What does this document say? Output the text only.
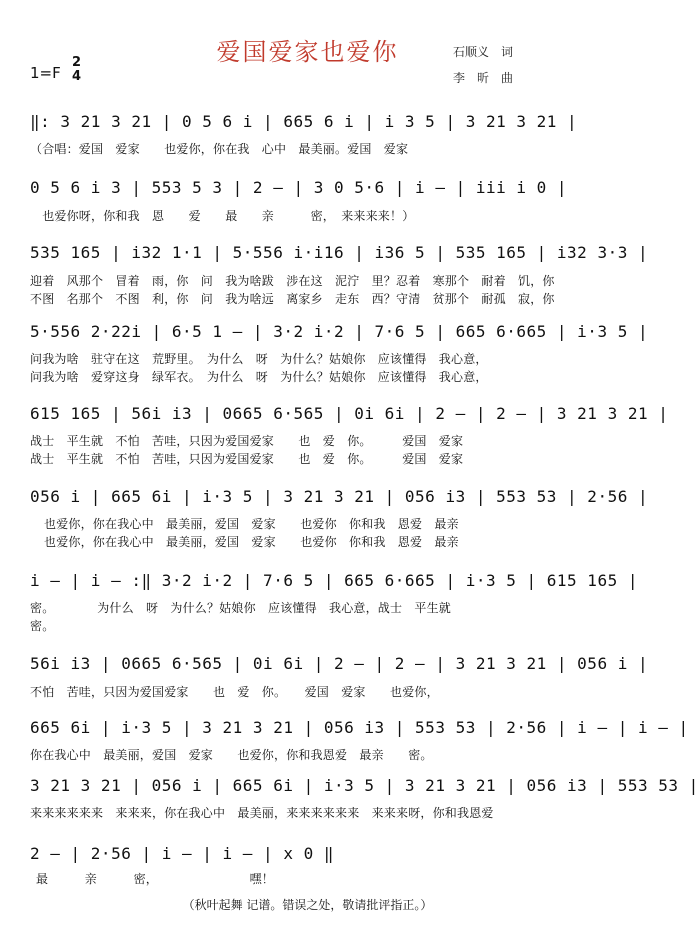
爱国爱家也爱你	石顺义　词
李　昕　曲
1=F
2
4
‖: 3 21 3 21 | 0 5 6 i | 665 6 i | i 3 5 | 3 21 3 21 |
（合唱：爱国　爱家　　也爱你，你在我　心中　最美丽。爱国　爱家
0 5 6 i 3 | 553 5 3 | 2 – | 3 0 5·6 | i – | iii i 0 |
　也爱你呀，你和我　恩　　爱　　最　　亲　　　密，　来来来来！）
535 165 | i32 1·1 | 5·556 i·i16 | i36 5 | 535 165 | i32 3·3 |
迎着　风那个　冒着　雨，你　问　我为啥跋　涉在这　泥泞　里？忍着　寒那个　耐着　饥，你
不图　名那个　不图　利，你　问　我为啥远　离家乡　走东　西？守清　贫那个　耐孤　寂，你
5·556 2·22i | 6·5 1 – | 3·2 i·2 | 7·6 5 | 665 6·665 | i·3 5 |
问我为啥　驻守在这　荒野里。　为什么　呀　为什么？姑娘你　应该懂得　我心意，
问我为啥　爱穿这身　绿军衣。　为什么　呀　为什么？姑娘你　应该懂得　我心意，
615 165 | 56i i3 | 0665 6·565 | 0i 6i | 2 – | 2 – | 3 21 3 21 |
战士　平生就　不怕　苦哇，只因为爱国爱家　　也　爱　你。　　　爱国　爱家
战士　平生就　不怕　苦哇，只因为爱国爱家　　也　爱　你。　　　爱国　爱家
056 i | 665 6i | i·3 5 | 3 21 3 21 | 056 i3 | 553 53 | 2·56 |
也爱你，你在我心中　最美丽，爱国　爱家　　也爱你　你和我　恩爱　最亲
也爱你，你在我心中　最美丽，爱国　爱家　　也爱你　你和我　恩爱　最亲
i – | i – :‖ 3·2 i·2 | 7·6 5 | 665 6·665 | i·3 5 | 615 165 |
密。　　　　为什么　呀　为什么？姑娘你　应该懂得　我心意，战士　平生就
密。
56i i3 | 0665 6·565 | 0i 6i | 2 – | 2 – | 3 21 3 21 | 056 i |
不怕　苦哇，只因为爱国爱家　　也　爱　你。　　爱国　爱家　　也爱你，
665 6i | i·3 5 | 3 21 3 21 | 056 i3 | 553 53 | 2·56 | i – | i – |
你在我心中　最美丽，爱国　爱家　　也爱你，你和我恩爱　最亲　　密。
3 21 3 21 | 056 i | 665 6i | i·3 5 | 3 21 3 21 | 056 i3 | 553 53 |
来来来来来来　来来来，你在我心中　最美丽，来来来来来来　来来来呀，你和我恩爱
2 – | 2·56 | i – | i – | x 0 ‖
最　　　亲　　　密，　　　　　　　　嘿！
（秋叶起舞 记谱。错误之处，敬请批评指正。）
